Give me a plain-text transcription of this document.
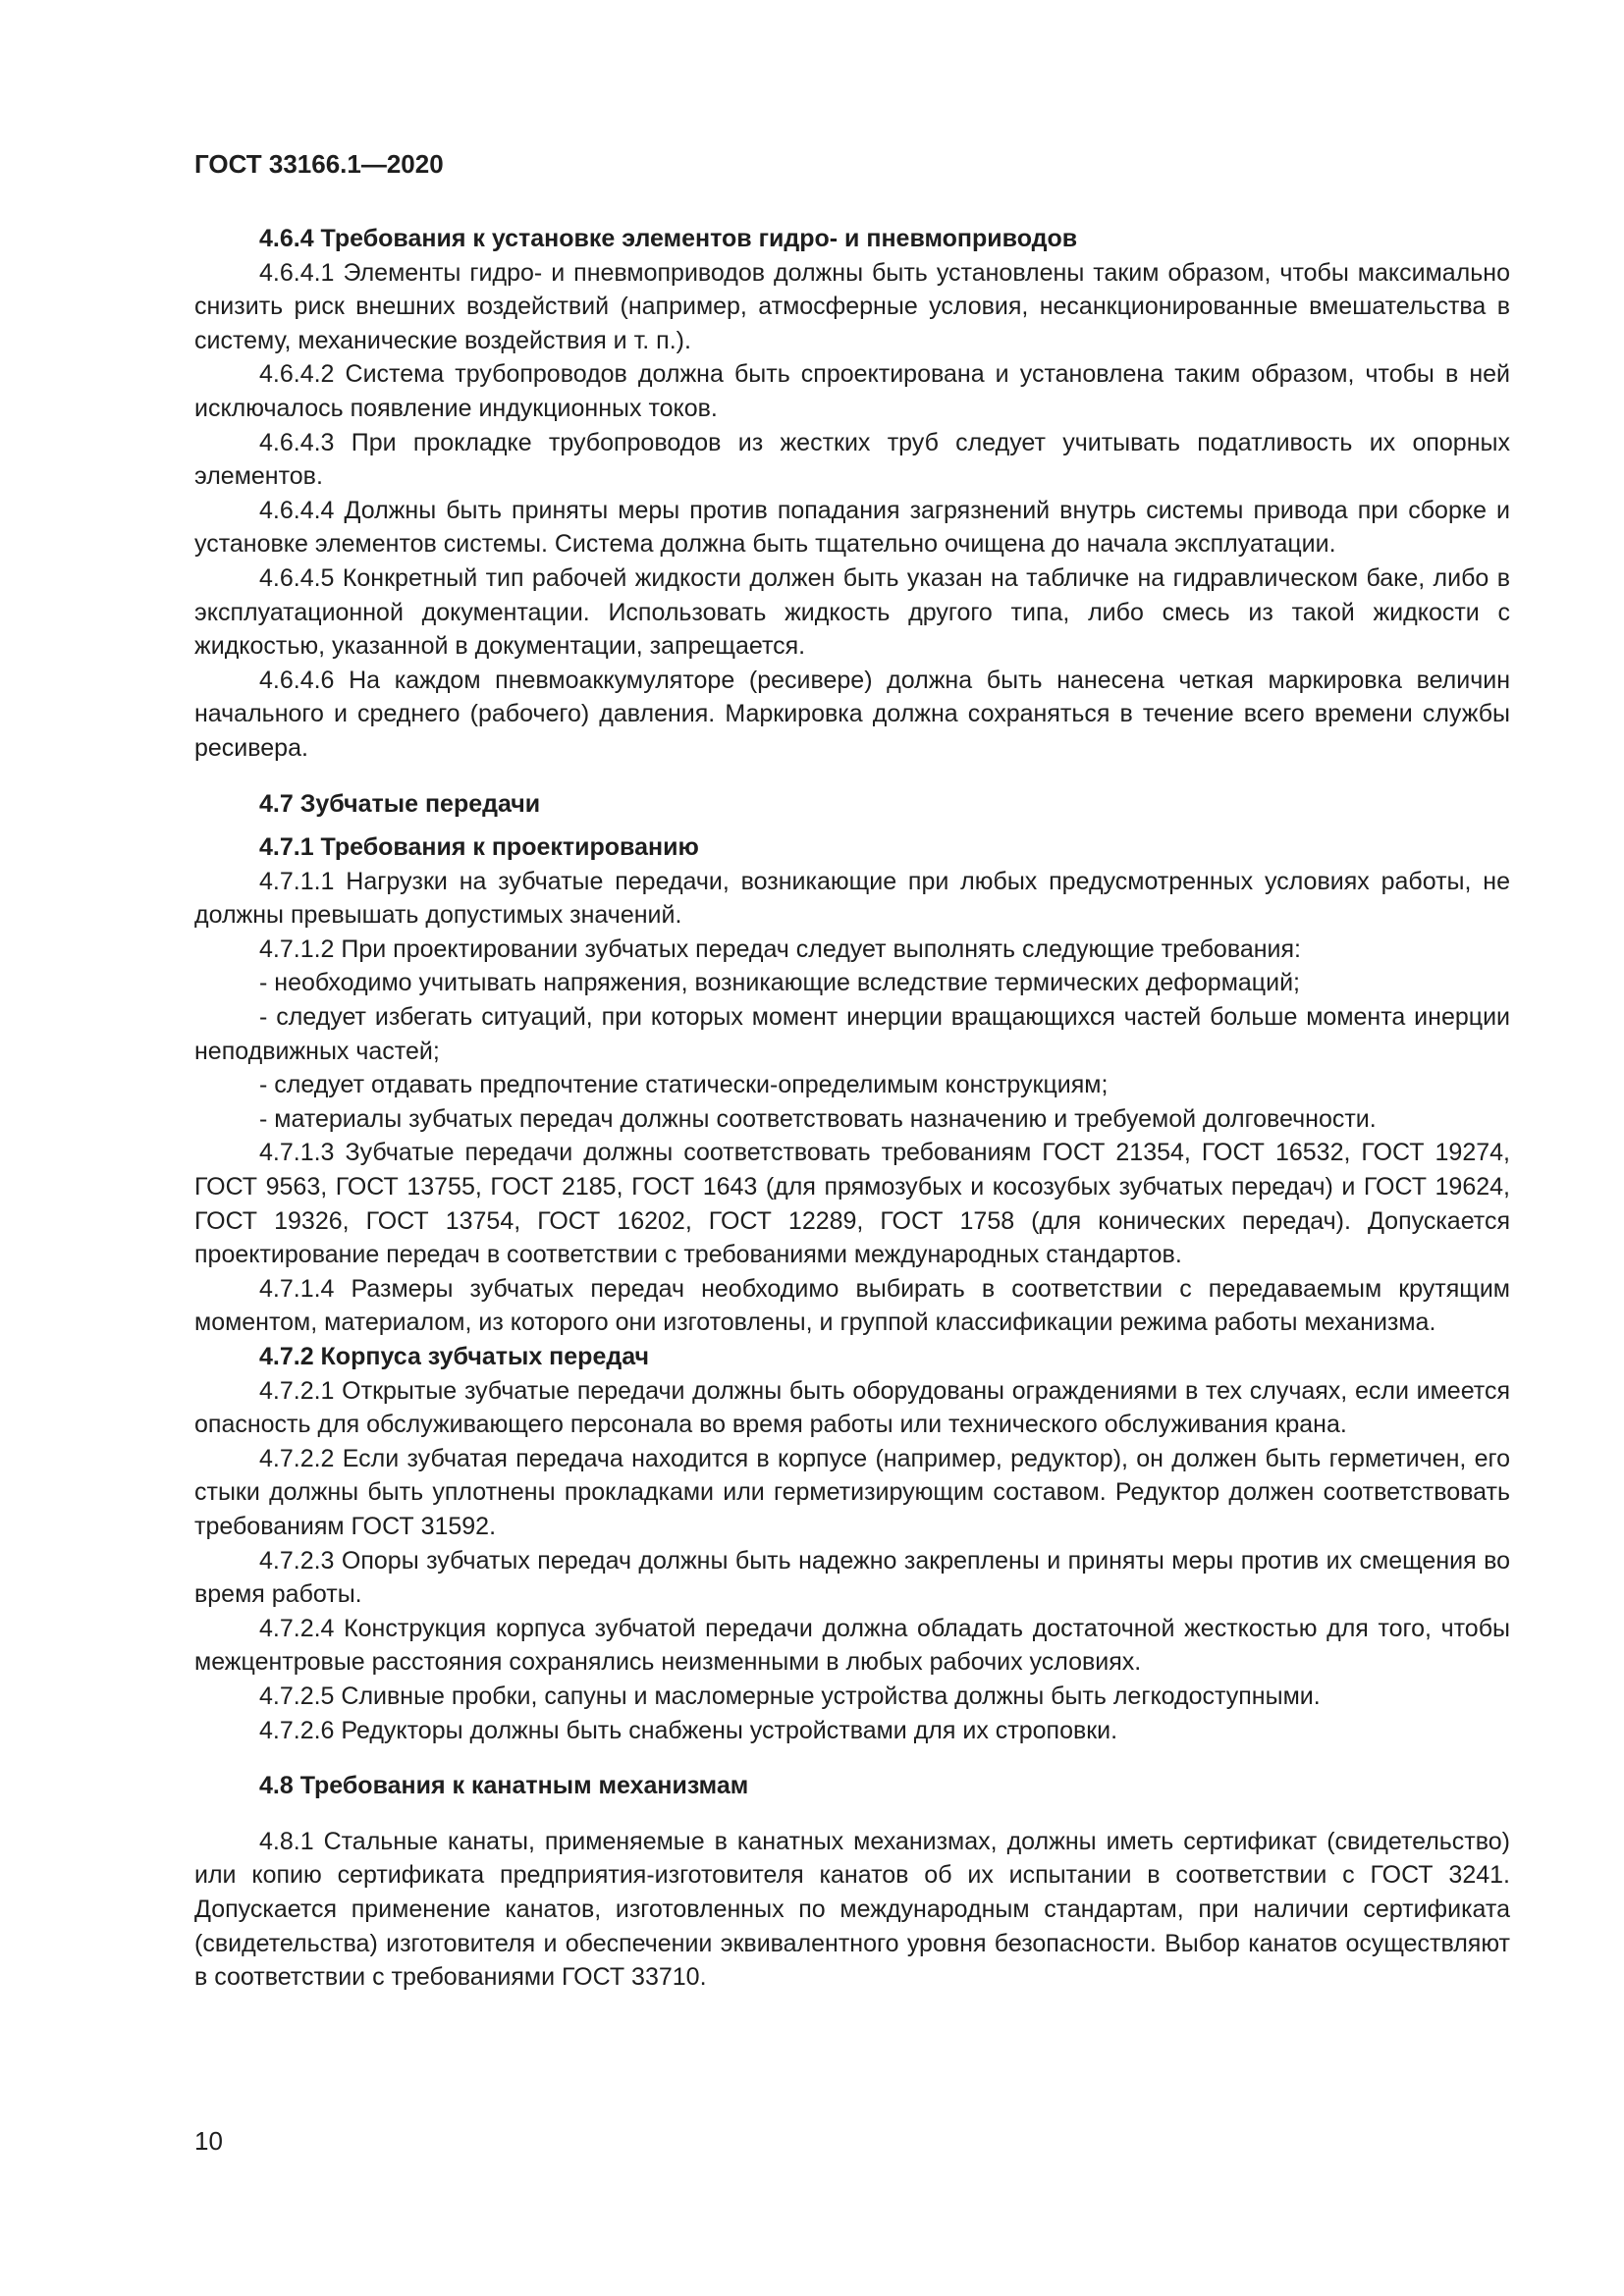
ГОСТ 33166.1—2020
4.6.4 Требования к установке элементов гидро- и пневмоприводов

4.6.4.1 Элементы гидро- и пневмоприводов должны быть установлены таким образом, чтобы максимально снизить риск внешних воздействий (например, атмосферные условия, несанкционированные вмешательства в систему, механические воздействия и т. п.).

4.6.4.2 Система трубопроводов должна быть спроектирована и установлена таким образом, чтобы в ней исключалось появление индукционных токов.

4.6.4.3 При прокладке трубопроводов из жестких труб следует учитывать податливость их опорных элементов.

4.6.4.4 Должны быть приняты меры против попадания загрязнений внутрь системы привода при сборке и установке элементов системы. Система должна быть тщательно очищена до начала эксплуатации.

4.6.4.5 Конкретный тип рабочей жидкости должен быть указан на табличке на гидравлическом баке, либо в эксплуатационной документации. Использовать жидкость другого типа, либо смесь из такой жидкости с жидкостью, указанной в документации, запрещается.

4.6.4.6 На каждом пневмоаккумуляторе (ресивере) должна быть нанесена четкая маркировка величин начального и среднего (рабочего) давления. Маркировка должна сохраняться в течение всего времени службы ресивера.

4.7 Зубчатые передачи
4.7.1 Требования к проектированию

4.7.1.1 Нагрузки на зубчатые передачи, возникающие при любых предусмотренных условиях работы, не должны превышать допустимых значений.

4.7.1.2 При проектировании зубчатых передач следует выполнять следующие требования:

- необходимо учитывать напряжения, возникающие вследствие термических деформаций;

- следует избегать ситуаций, при которых момент инерции вращающихся частей больше момента инерции неподвижных частей;

- следует отдавать предпочтение статически-определимым конструкциям;

- материалы зубчатых передач должны соответствовать назначению и требуемой долговечности.

4.7.1.3 Зубчатые передачи должны соответствовать требованиям ГОСТ 21354, ГОСТ 16532, ГОСТ 19274, ГОСТ 9563, ГОСТ 13755, ГОСТ 2185, ГОСТ 1643 (для прямозубых и косозубых зубчатых передач) и ГОСТ 19624, ГОСТ 19326, ГОСТ 13754, ГОСТ 16202, ГОСТ 12289, ГОСТ 1758 (для конических передач). Допускается проектирование передач в соответствии с требованиями международных стандартов.

4.7.1.4 Размеры зубчатых передач необходимо выбирать в соответствии с передаваемым крутящим моментом, материалом, из которого они изготовлены, и группой классификации режима работы механизма.

4.7.2 Корпуса зубчатых передач

4.7.2.1 Открытые зубчатые передачи должны быть оборудованы ограждениями в тех случаях, если имеется опасность для обслуживающего персонала во время работы или технического обслуживания крана.

4.7.2.2 Если зубчатая передача находится в корпусе (например, редуктор), он должен быть герметичен, его стыки должны быть уплотнены прокладками или герметизирующим составом. Редуктор должен соответствовать требованиям ГОСТ 31592.

4.7.2.3 Опоры зубчатых передач должны быть надежно закреплены и приняты меры против их смещения во время работы.

4.7.2.4 Конструкция корпуса зубчатой передачи должна обладать достаточной жесткостью для того, чтобы межцентровые расстояния сохранялись неизменными в любых рабочих условиях.

4.7.2.5 Сливные пробки, сапуны и масломерные устройства должны быть легкодоступными.

4.7.2.6 Редукторы должны быть снабжены устройствами для их строповки.

4.8 Требования к канатным механизмам

4.8.1 Стальные канаты, применяемые в канатных механизмах, должны иметь сертификат (свидетельство) или копию сертификата предприятия-изготовителя канатов об их испытании в соответствии с ГОСТ 3241. Допускается применение канатов, изготовленных по международным стандартам, при наличии сертификата (свидетельства) изготовителя и обеспечении эквивалентного уровня безопасности. Выбор канатов осуществляют в соответствии с требованиями ГОСТ 33710.

10
